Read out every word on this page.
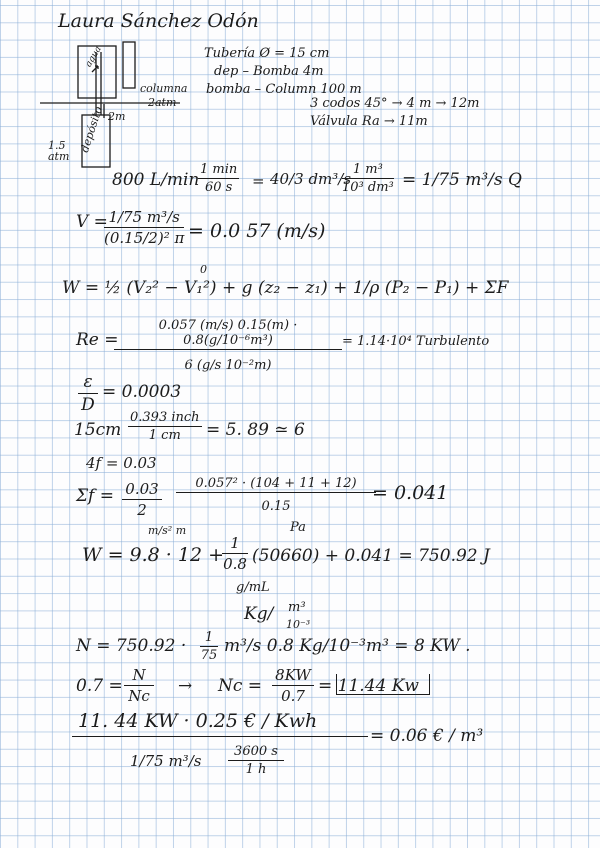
Laura Sánchez Odón
columna
2atm
2m
1.5 atm
depósito
agua	Tubería Ø = 15 cm
dep – Bomba 4m
bomba – Column 100 m
3 codos 45° → 4 m → 12m
Válvula Ra → 11m
800 L/min
1 min
60 s	= 40/3 dm³/s
$\frac{\text{1 m³}}{\text{10³ dm³}} = 1/75$ m³/s Q
V =
$\frac{\text{1/75 m³/s}}{\text{(0.15/2)² π}} = 0.0$ 57 (m/s)
W = ½ (V₂² − V₁²) + g (z₂ − z₁) + 1/ρ (P₂ − P₁) + ΣF
0
Re =
$\frac{\text{0.057 (m/s) 0.15(m) · 0.8(g/10⁻⁶m³)}}{\text{6 (g/s 10⁻²m)}} = 1.14\cdot 10^4$ Turbulento
$\frac{\varepsilon}{D} = 0.0003$
15cm
0.393 inch
1 cm	= 5. 89 ≃ 6
4f = 0.03
$\Sigma f = \frac{0.03}{2} \frac{\text{0.057² · (104 + 11 + 12)}}{0.15}$
= 0.041
m/s² m	Pa
W = 9.8 · 12 +
$\frac{1}{0.8} (50660) + 0.041 = 750.92$ J
g/mL
Kg/ m³
10⁻³
$N = 750.92 \cdot \frac{1}{75} m^3/s$ 0.8 Kg/10⁻³m³ = 8 KW .
$0.7 = \frac{N}{Nc} \to Nc = \frac{8KW}{0.7} = 11.44$ Kw
11. 44 KW · 0.25 € / Kwh
1/75 $m^3/s \frac{3600 s}{1 h}$
= 0.06 € / m³
